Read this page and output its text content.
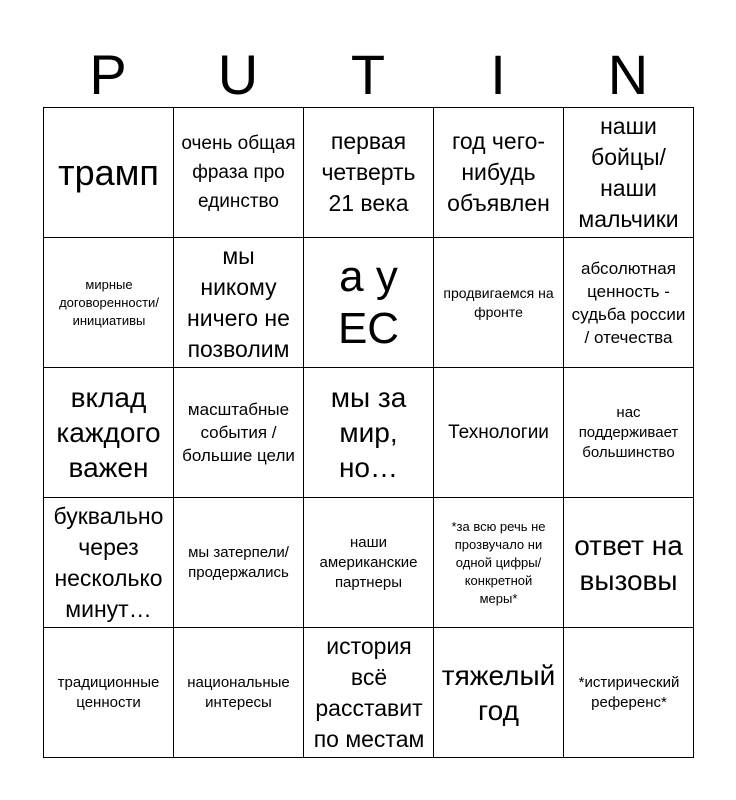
P	U	T	I	N
трамп	очень общая фраза про единство	первая четверть 21 века	год чего-нибудь объявлен	наши бойцы/ наши мальчики
мирные договоренности/ инициативы	мы никому ничего не позволим	а у ЕС	продвигаемся на фронте	абсолютная ценность - судьба россии / отечества
вклад каждого важен	масштабные события / большие цели	мы за мир, но…	Технологии	нас поддерживает большинство
буквально через несколько минут…	мы затерпели/ продержались	наши американские партнеры	*за всю речь не прозвучало ни одной цифры/ конкретной меры*	ответ на вызовы
традиционные ценности	национальные интересы	история всё расставит по местам	тяжелый год	*истирический референс*
